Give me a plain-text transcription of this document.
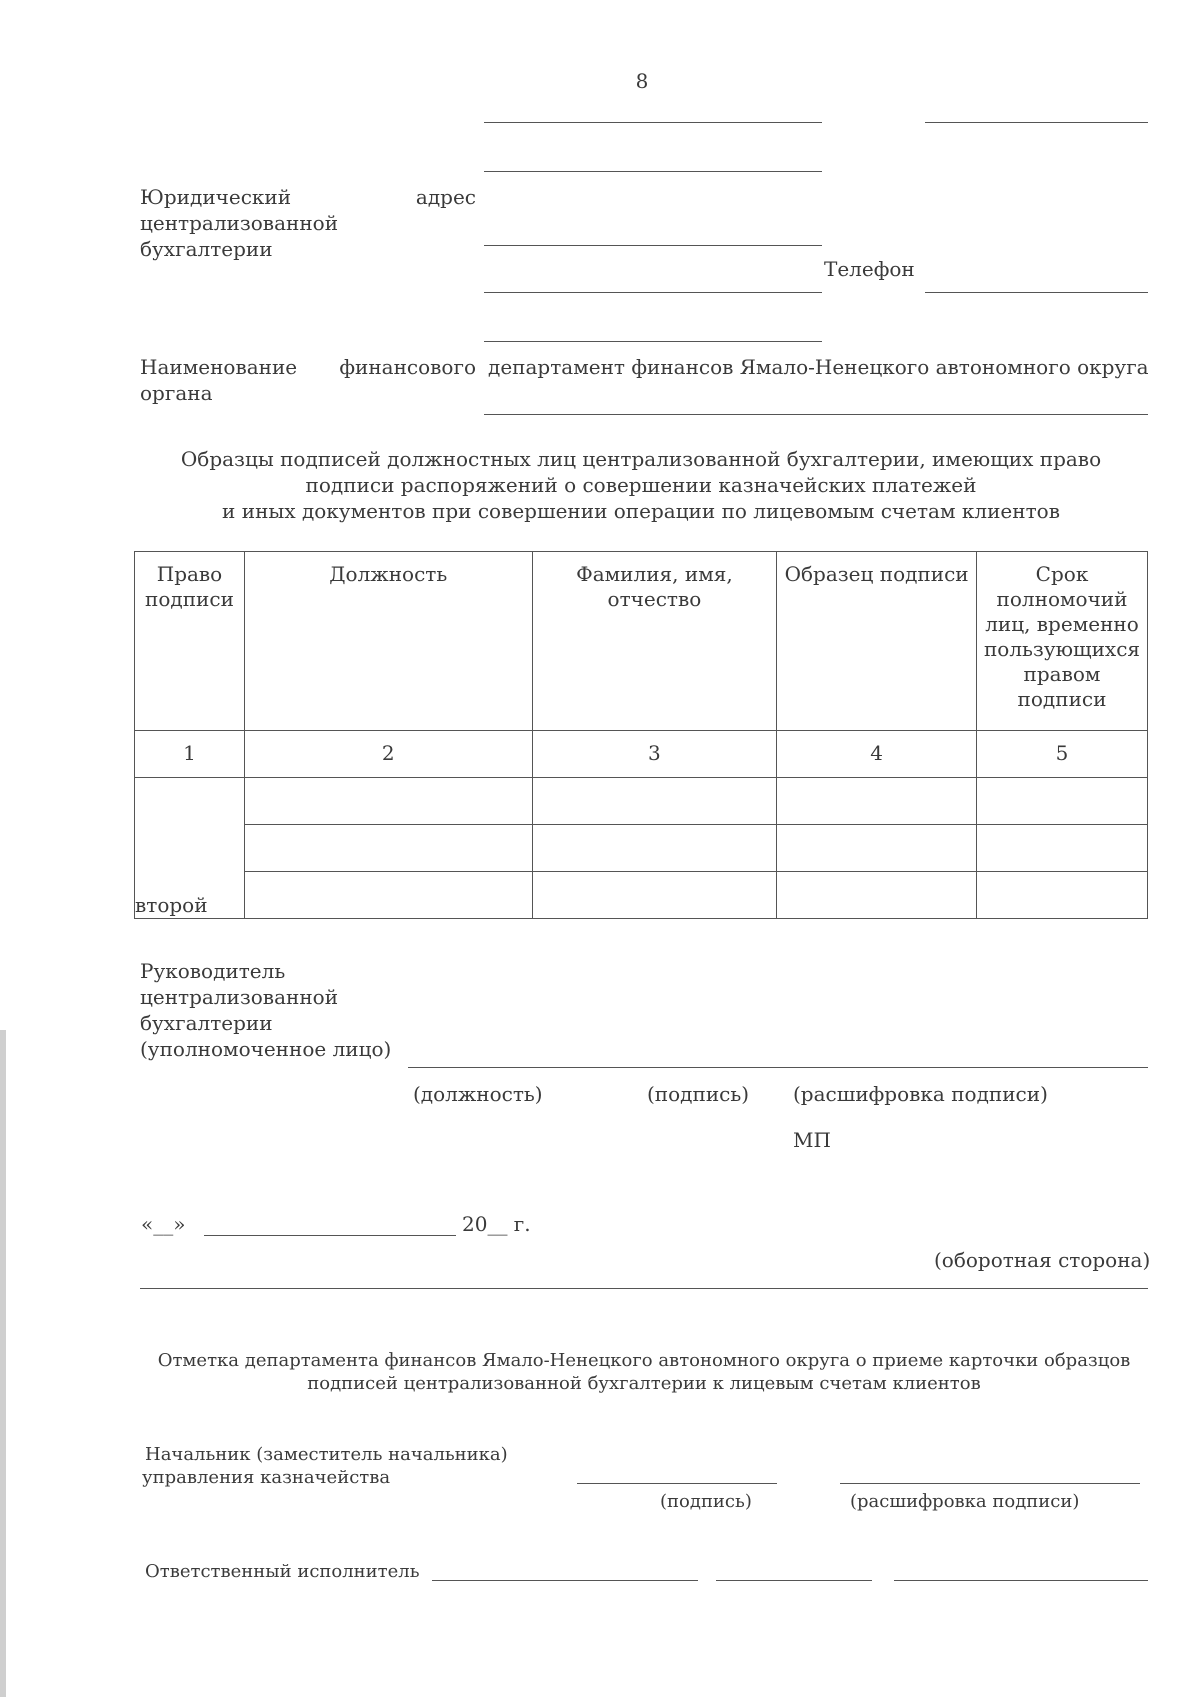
8
Юридический	адрес
централизованной бухгалтерии
Телефон
Наименование финансового
органа
департамент финансов Ямало-Ненецкого автономного округа
Образцы подписей должностных лиц централизованной бухгалтерии, имеющих право
подписи распоряжений о совершении казначейских платежей
и иных документов при совершении операции по лицевомым счетам клиентов
Право подписи	Должность	Фамилия, имя, отчество	Образец подписи	Срок полномочий лиц, временно пользующихся правом подписи
1	2	3	4	5
второй				

Руководитель
централизованной
бухгалтерии
(уполномоченное лицо)
(должность)	(подпись) (расшифровка подписи)
МП
«__»	20__ г.
(оборотная сторона)
Отметка департамента финансов Ямало-Ненецкого автономного округа о приеме карточки образцов
подписей централизованной бухгалтерии к лицевым счетам клиентов
Начальник (заместитель начальника)
управления казначейства
(подпись)	(расшифровка подписи)
Ответственный исполнитель
